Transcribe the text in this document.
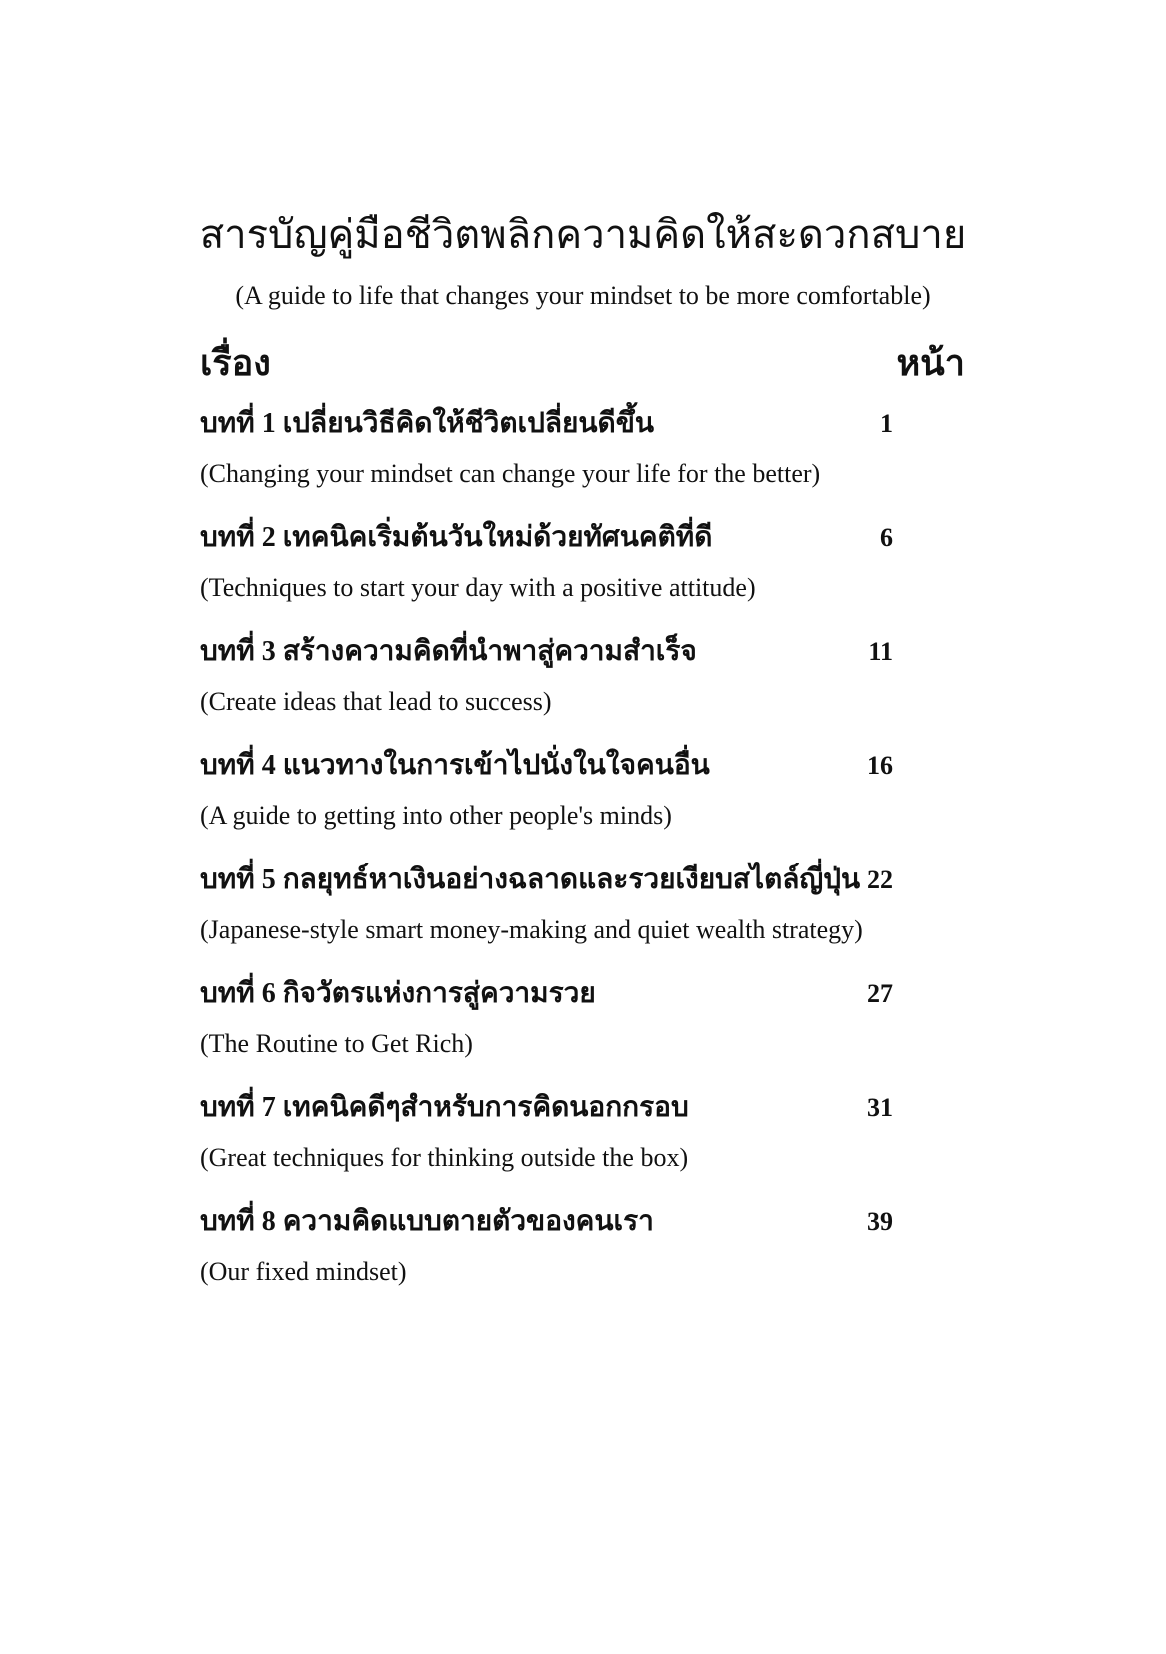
สารบัญคู่มือชีวิตพลิกความคิดให้สะดวกสบาย

(A guide to life that changes your mindset to be more comfortable)

เรื่อง	หน้า
บทที่ 1 เปลี่ยนวิธีคิดให้ชีวิตเปลี่ยนดีขึ้น	1
(Changing your mindset can change your life for the better)
บทที่ 2 เทคนิคเริ่มต้นวันใหม่ด้วยทัศนคติที่ดี	6
(Techniques to start your day with a positive attitude)
บทที่ 3 สร้างความคิดที่นำพาสู่ความสำเร็จ	11
(Create ideas that lead to success)
บทที่ 4 แนวทางในการเข้าไปนั่งในใจคนอื่น	16
(A guide to getting into other people's minds)
บทที่ 5 กลยุทธ์หาเงินอย่างฉลาดและรวยเงียบสไตล์ญี่ปุ่น 22
(Japanese-style smart money-making and quiet wealth strategy)
บทที่ 6 กิจวัตรแห่งการสู่ความรวย	27
(The Routine to Get Rich)
บทที่ 7 เทคนิคดีๆสำหรับการคิดนอกกรอบ	31
(Great techniques for thinking outside the box)
บทที่ 8 ความคิดแบบตายตัวของคนเรา	39
(Our fixed mindset)
